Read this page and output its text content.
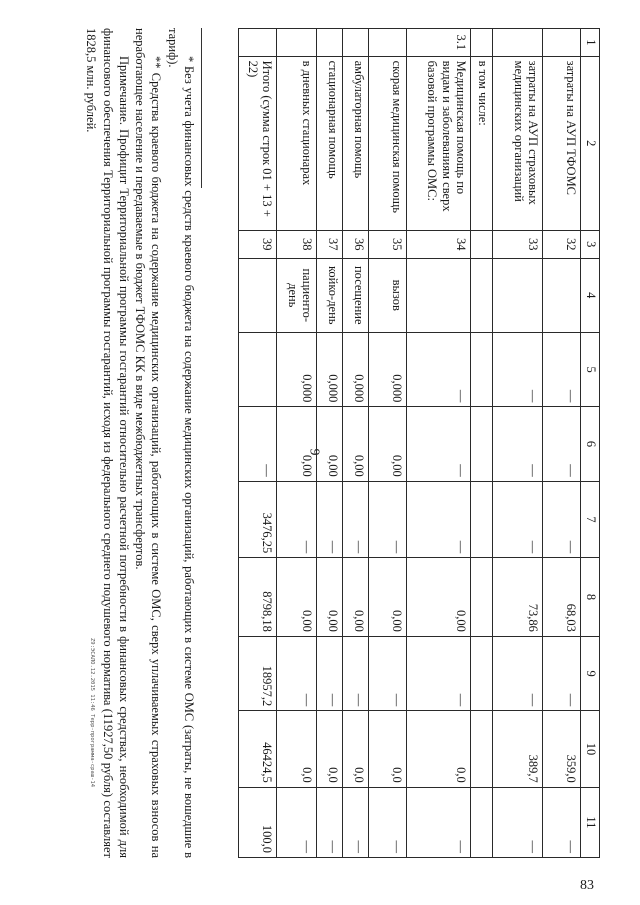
9
1	2	3	4	5	6	7	8	9	10	11
	затраты на АУП ТФОМС	32		—	—	—	68,03	—	359,0	—
	затраты на АУП страховых медицинских организаций	33		—	—	—	73,86	—	389,7	—
	в том числе:									
3.1	Медицинская помощь по видам и заболеваниям сверх базовой программы ОМС:	34		—	—	—	0,00	—	0,0	—
	скорая медицинская помощь	35	вызов	0,000	0,00	—	0,00	—	0,0	—
	амбулаторная помощь	36	посещение	0,000	0,00	—	0,00	—	0,0	—
	стационарная помощь	37	койко-день	0,000	0,00	—	0,00	—	0,0	—
	в дневных стационарах	38	пациенто-день	0,000	0,00	—	0,00	—	0,0	—
	Итого (сумма строк 01 + 13 + 22)	39			—	3476,25	8798,18	18957,2	46424,5	100,0

* Без учета финансовых средств краевого бюджета на содержание медицинских организаций, работающих в системе ОМС (затраты, не вошедшие в тариф).

** Средства краевого бюджета на содержание медицинских организаций, работающих в системе ОМС, сверх уплачиваемых страховых взносов на неработающее население и передаваемые в бюджет ТФОМС КК в виде межбюджетных трансфертов.

Примечание. Профицит Территориальной программы госгарантий относительно расчетной потребности в финансовых средствах, необходимой для финансового обеспечения Территориальной программы госгарантий, исходя из федерального среднего подушевого норматива (11927,50 рубля) составляет 1828,5 млн. рублей.

Z9:ЭСАЛО.12.2015 11:46 Терр-программа-сраш-14
83
